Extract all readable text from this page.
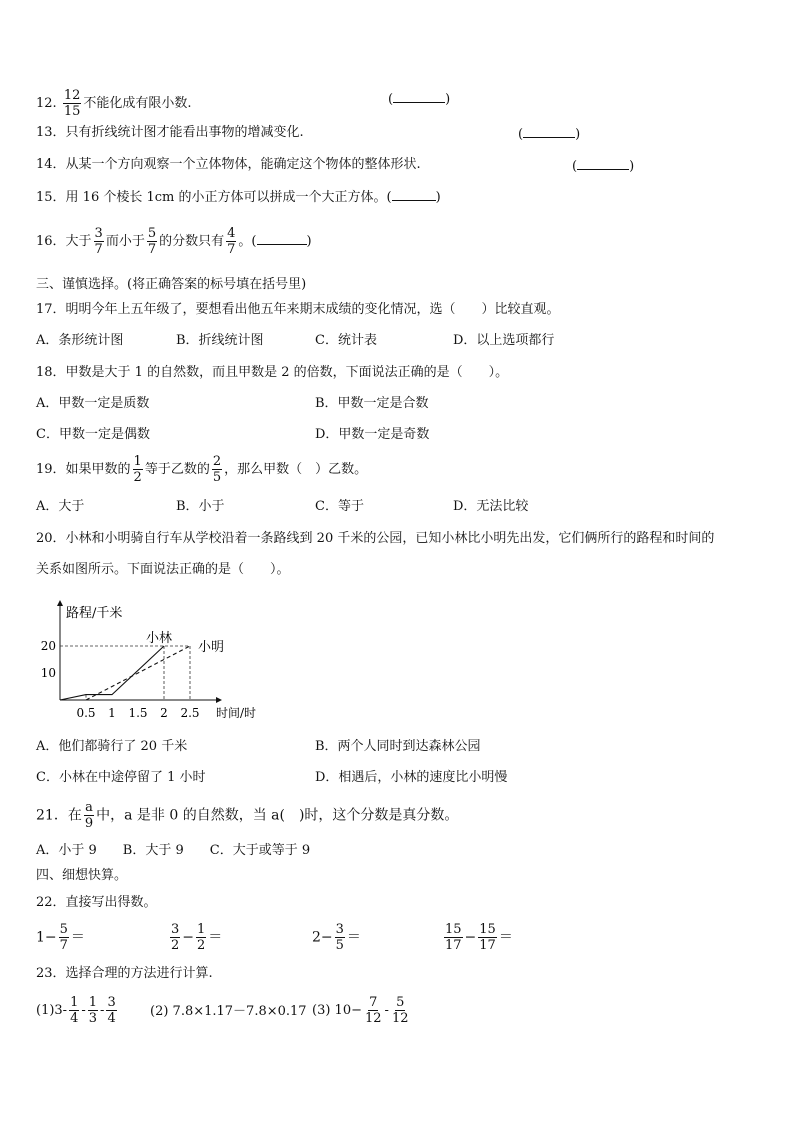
12. $\frac{12}{15}$ 不能化成有限小数.	(	)
13．只有折线统计图才能看出事物的增减变化.	(	)
14．从某一个方向观察一个立体物体，能确定这个物体的整体形状.	(	)
15．用 16 个棱长 1cm 的小正方体可以拼成一个大正方体。(	)
16．大于 $\frac{3}{7}$ 而小于 $\frac{5}{7}$ 的分数只有 $\frac{4}{7}$ 。(	)
三、谨慎选择。(将正确答案的标号填在括号里)
17．明明今年上五年级了，要想看出他五年来期末成绩的变化情况，选（　　）比较直观。
A．条形统计图	B．折线统计图	C．统计表	D．以上选项都行
18．甲数是大于 1 的自然数，而且甲数是 2 的倍数，下面说法正确的是（　　）。
A．甲数一定是质数	B．甲数一定是合数
C．甲数一定是偶数	D．甲数一定是奇数
19．如果甲数的 $\frac{1}{2}$ 等于乙数的 $\frac{2}{5}$ ，那么甲数（　）乙数。
A．大于	B．小于	C．等于	D．无法比较
20．小林和小明骑自行车从学校沿着一条路线到 20 千米的公园，已知小林比小明先出发，它们俩所行的路程和时间的
关系如图所示。下面说法正确的是（　　）。
路程/千米
时间/时
10
20
0.5 1 1.5 2 2.5
小林
小明
A．他们都骑行了 20 千米	B．两个人同时到达森林公园
C．小林在中途停留了 1 小时	D．相遇后，小林的速度比小明慢
21．在 $\frac{a}{9}$ 中，a 是非 0 的自然数，当 a(　)时，这个分数是真分数。
A．小于 9　　B．大于 9　　C．大于或等于 9
四、细想快算。
22．直接写出得数。
$1- \frac{5}{7}$ ＝	$\frac{3}{2} - \frac{1}{2}$ ＝	$2- \frac{3}{5}$ ＝	$\frac{15}{17} - \frac{15}{17}$ ＝
23．选择合理的方法进行计算.
$(1)3- \frac{1}{4} - \frac{1}{3} - \frac{3}{4}$	(2) 7.8×1.17－7.8×0.17 (3) $10- \frac{7}{12} - \frac{5}{12}$
